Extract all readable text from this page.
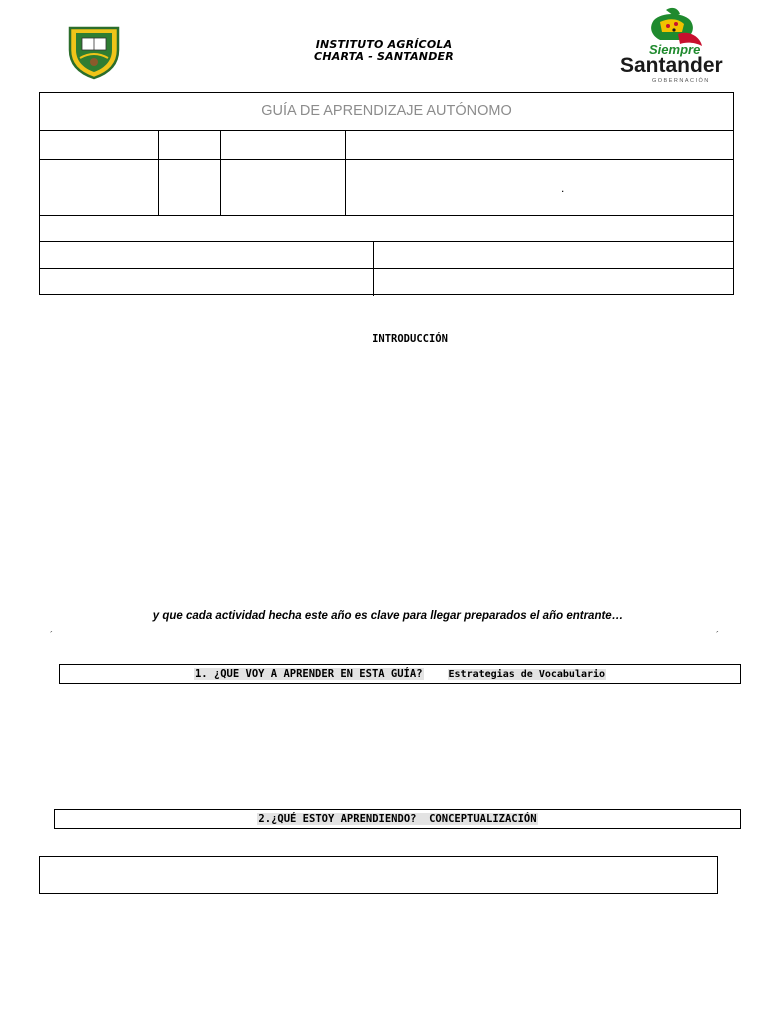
INSTITUTO AGRÍCOLA
CHARTA - SANTANDER	Siempre
Santander
GOBERNACIÓN
GUÍA DE APRENDIZAJE AUTÓNOMO
.
INTRODUCCIÓN
y que cada actividad hecha este año es clave para llegar preparados el año entrante…
´	´
1. ¿QUE VOY A APRENDER EN ESTA GUÍA?	Estrategias de Vocabulario
2.¿QUÉ ESTOY APRENDIENDO?  CONCEPTUALIZACIÓN
